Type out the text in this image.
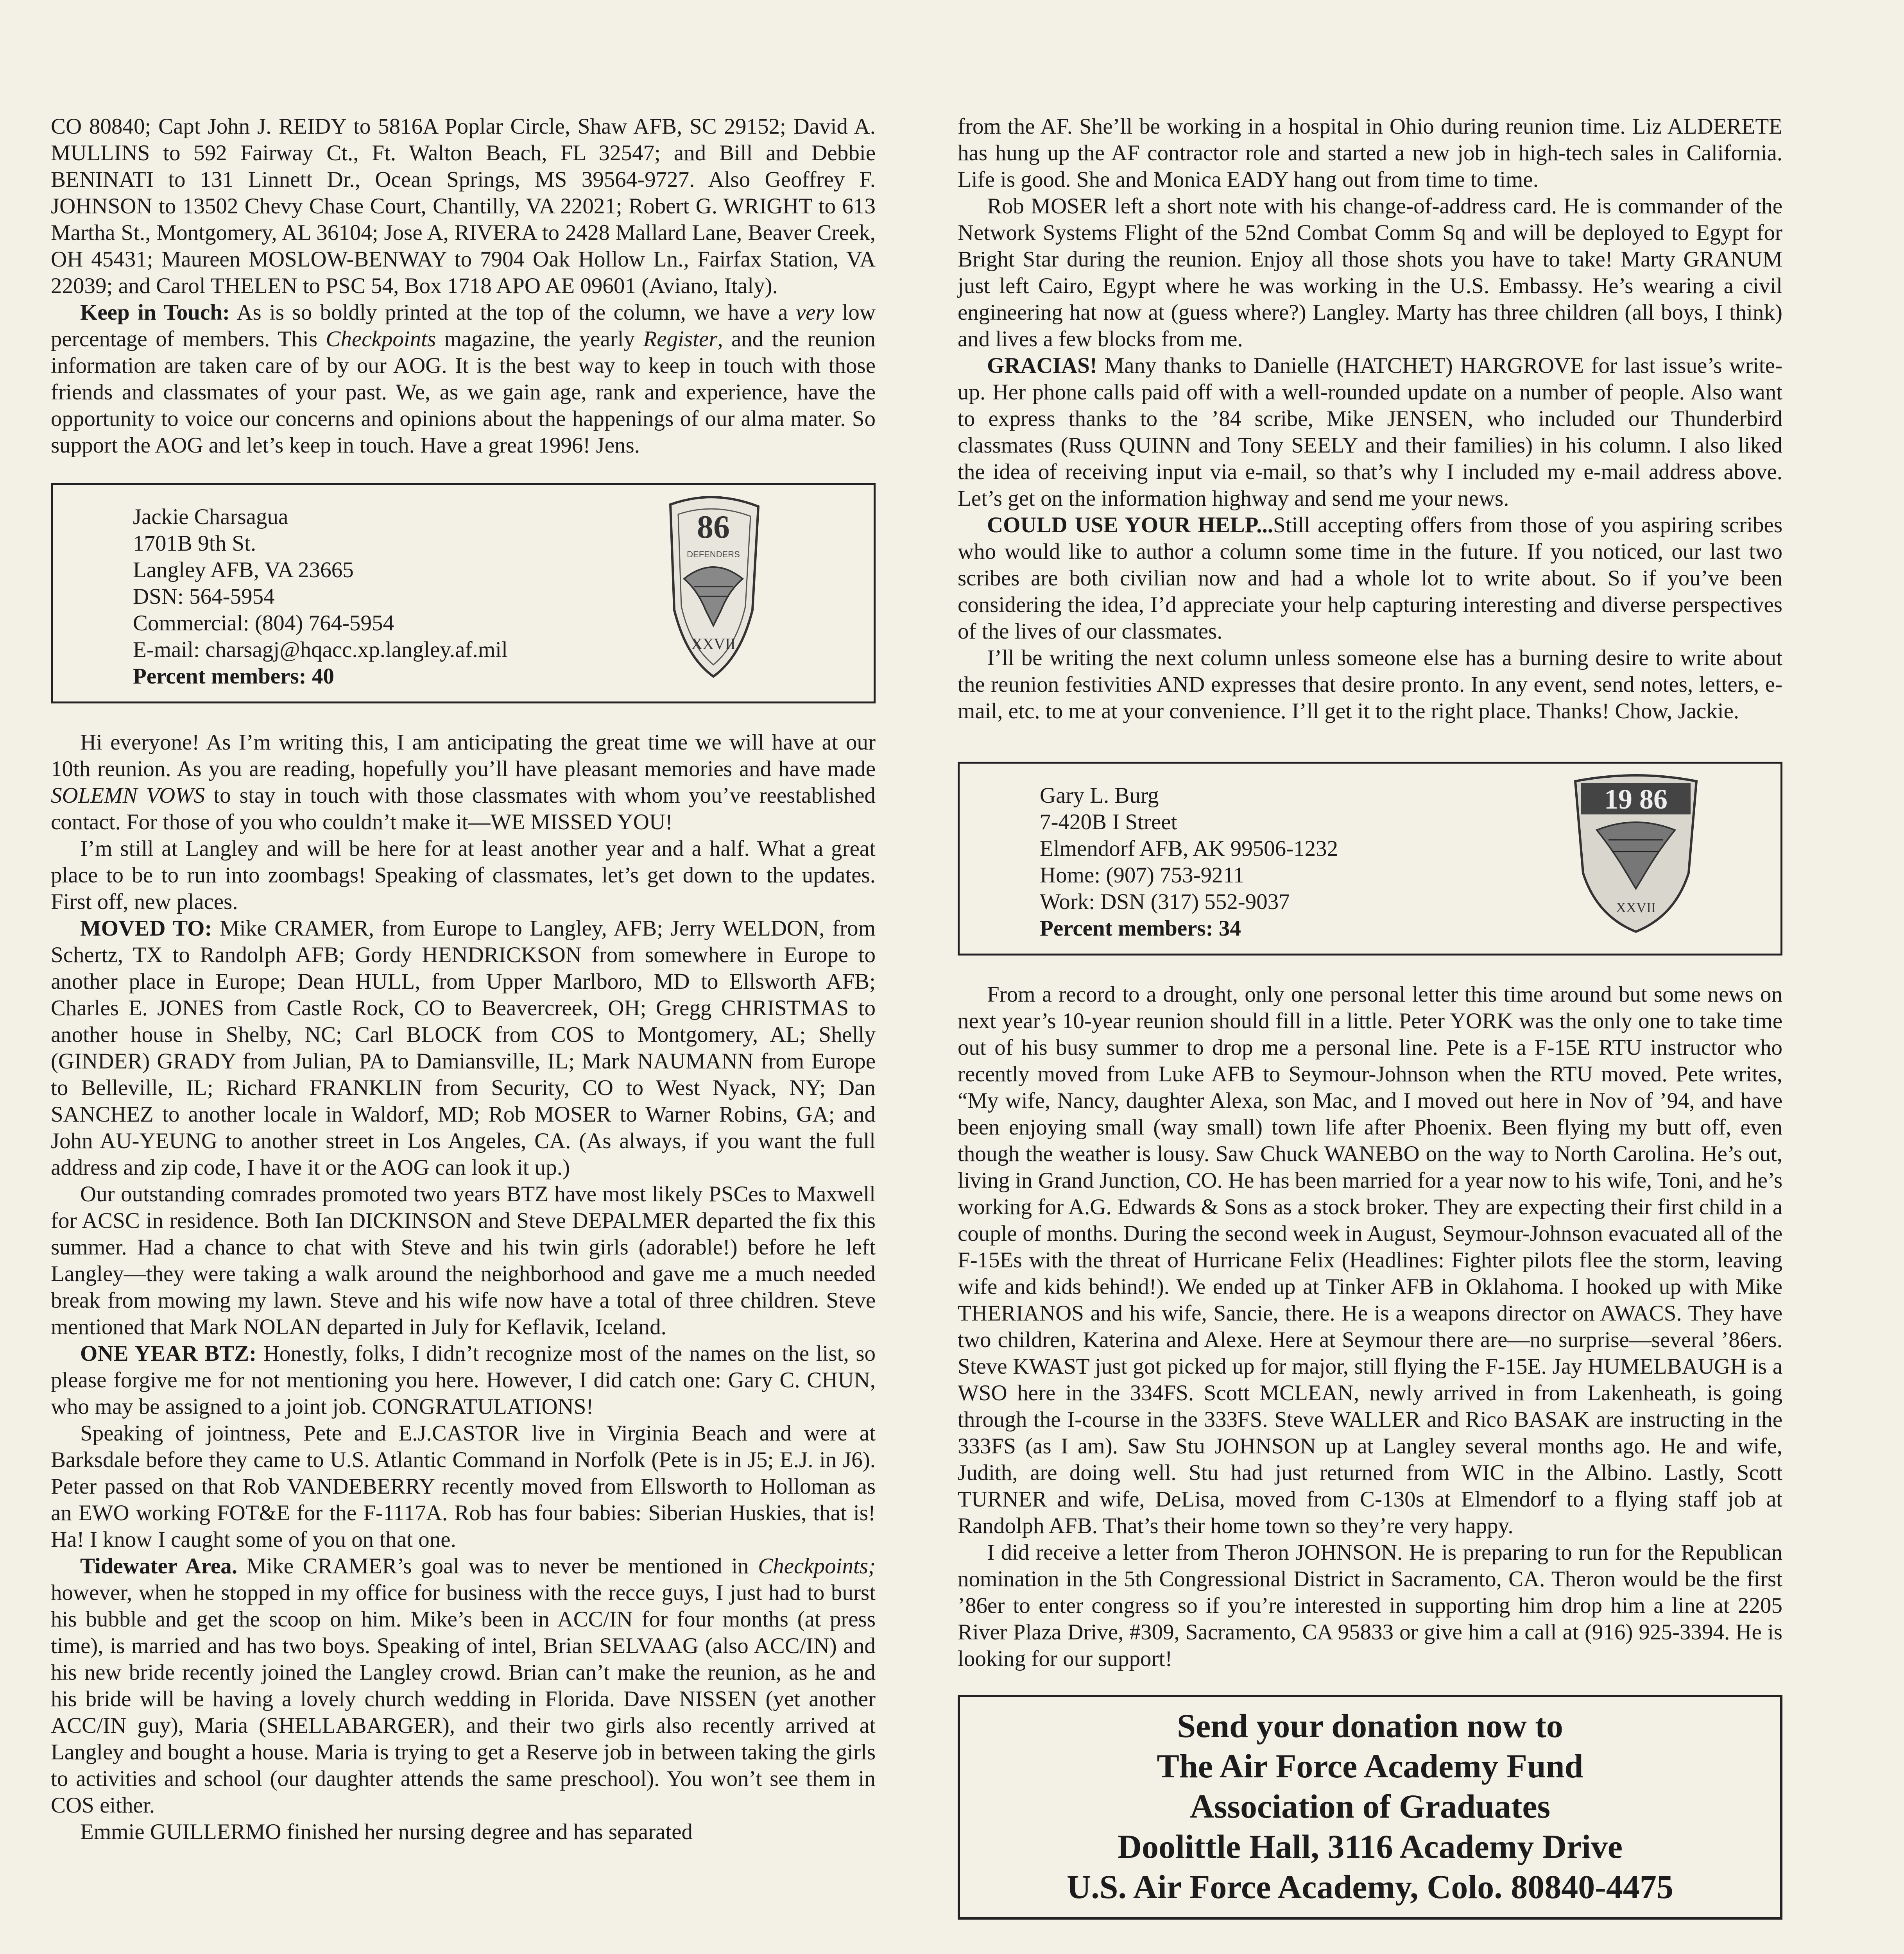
CO 80840; Capt John J. REIDY to 5816A Poplar Circle, Shaw AFB, SC 29152; David A. MULLINS to 592 Fairway Ct., Ft. Walton Beach, FL 32547; and Bill and Debbie BENINATI to 131 Linnett Dr., Ocean Springs, MS 39564-9727. Also Geoffrey F. JOHNSON to 13502 Chevy Chase Court, Chantilly, VA 22021; Robert G. WRIGHT to 613 Martha St., Montgomery, AL 36104; Jose A, RIVERA to 2428 Mallard Lane, Beaver Creek, OH 45431; Maureen MOSLOW-BENWAY to 7904 Oak Hollow Ln., Fairfax Station, VA 22039; and Carol THELEN to PSC 54, Box 1718 APO AE 09601 (Aviano, Italy).

Keep in Touch: As is so boldly printed at the top of the column, we have a very low percentage of members. This Checkpoints magazine, the yearly Register, and the reunion information are taken care of by our AOG. It is the best way to keep in touch with those friends and classmates of your past. We, as we gain age, rank and experience, have the opportunity to voice our concerns and opinions about the happenings of our alma mater. So support the AOG and let’s keep in touch. Have a great 1996! Jens.

Jackie Charsagua
1701B 9th St.
Langley AFB, VA 23665
DSN: 564-5954
Commercial: (804) 764-5954
E-mail: charsagj@hqacc.xp.langley.af.mil
Percent members: 40
86
DEFENDERS
XXVII

Hi everyone! As I’m writing this, I am anticipating the great time we will have at our 10th reunion. As you are reading, hopefully you’ll have pleasant memories and have made SOLEMN VOWS to stay in touch with those classmates with whom you’ve reestablished contact. For those of you who couldn’t make it—WE MISSED YOU!

I’m still at Langley and will be here for at least another year and a half. What a great place to be to run into zoombags! Speaking of classmates, let’s get down to the updates. First off, new places.

MOVED TO: Mike CRAMER, from Europe to Langley, AFB; Jerry WELDON, from Schertz, TX to Randolph AFB; Gordy HENDRICKSON from somewhere in Europe to another place in Europe; Dean HULL, from Upper Marlboro, MD to Ellsworth AFB; Charles E. JONES from Castle Rock, CO to Beavercreek, OH; Gregg CHRISTMAS to another house in Shelby, NC; Carl BLOCK from COS to Montgomery, AL; Shelly (GINDER) GRADY from Julian, PA to Damiansville, IL; Mark NAUMANN from Europe to Belleville, IL; Richard FRANKLIN from Security, CO to West Nyack, NY; Dan SANCHEZ to another locale in Waldorf, MD; Rob MOSER to Warner Robins, GA; and John AU-YEUNG to another street in Los Angeles, CA. (As always, if you want the full address and zip code, I have it or the AOG can look it up.)

Our outstanding comrades promoted two years BTZ have most likely PSCes to Maxwell for ACSC in residence. Both Ian DICKINSON and Steve DEPALMER departed the fix this summer. Had a chance to chat with Steve and his twin girls (adorable!) before he left Langley—they were taking a walk around the neighborhood and gave me a much needed break from mowing my lawn. Steve and his wife now have a total of three children. Steve mentioned that Mark NOLAN departed in July for Keflavik, Iceland.

ONE YEAR BTZ: Honestly, folks, I didn’t recognize most of the names on the list, so please forgive me for not mentioning you here. However, I did catch one: Gary C. CHUN, who may be assigned to a joint job. CONGRATULATIONS!

Speaking of jointness, Pete and E.J.CASTOR live in Virginia Beach and were at Barksdale before they came to U.S. Atlantic Command in Norfolk (Pete is in J5; E.J. in J6). Peter passed on that Rob VANDEBERRY recently moved from Ellsworth to Holloman as an EWO working FOT&E for the F-1117A. Rob has four babies: Siberian Huskies, that is! Ha! I know I caught some of you on that one.

Tidewater Area. Mike CRAMER’s goal was to never be mentioned in Checkpoints; however, when he stopped in my office for business with the recce guys, I just had to burst his bubble and get the scoop on him. Mike’s been in ACC/IN for four months (at press time), is married and has two boys. Speaking of intel, Brian SELVAAG (also ACC/IN) and his new bride recently joined the Langley crowd. Brian can’t make the reunion, as he and his bride will be having a lovely church wedding in Florida. Dave NISSEN (yet another ACC/IN guy), Maria (SHELLABARGER), and their two girls also recently arrived at Langley and bought a house. Maria is trying to get a Reserve job in between taking the girls to activities and school (our daughter attends the same preschool). You won’t see them in COS either.

Emmie GUILLERMO finished her nursing degree and has separated

from the AF. She’ll be working in a hospital in Ohio during reunion time. Liz ALDERETE has hung up the AF contractor role and started a new job in high-tech sales in California. Life is good. She and Monica EADY hang out from time to time.

Rob MOSER left a short note with his change-of-address card. He is commander of the Network Systems Flight of the 52nd Combat Comm Sq and will be deployed to Egypt for Bright Star during the reunion. Enjoy all those shots you have to take! Marty GRANUM just left Cairo, Egypt where he was working in the U.S. Embassy. He’s wearing a civil engineering hat now at (guess where?) Langley. Marty has three children (all boys, I think) and lives a few blocks from me.

GRACIAS! Many thanks to Danielle (HATCHET) HARGROVE for last issue’s write-up. Her phone calls paid off with a well-rounded update on a number of people. Also want to express thanks to the ’84 scribe, Mike JENSEN, who included our Thunderbird classmates (Russ QUINN and Tony SEELY and their families) in his column. I also liked the idea of receiving input via e-mail, so that’s why I included my e-mail address above. Let’s get on the information highway and send me your news.

COULD USE YOUR HELP...Still accepting offers from those of you aspiring scribes who would like to author a column some time in the future. If you noticed, our last two scribes are both civilian now and had a whole lot to write about. So if you’ve been considering the idea, I’d appreciate your help capturing interesting and diverse perspectives of the lives of our classmates.

I’ll be writing the next column unless someone else has a burning desire to write about the reunion festivities AND expresses that desire pronto. In any event, send notes, letters, e-mail, etc. to me at your convenience. I’ll get it to the right place. Thanks! Chow, Jackie.

Gary L. Burg
7-420B I Street
Elmendorf AFB, AK 99506-1232
Home: (907) 753-9211
Work: DSN (317) 552-9037
Percent members: 34
19 86
XXVII

From a record to a drought, only one personal letter this time around but some news on next year’s 10-year reunion should fill in a little. Peter YORK was the only one to take time out of his busy summer to drop me a personal line. Pete is a F-15E RTU instructor who recently moved from Luke AFB to Seymour-Johnson when the RTU moved. Pete writes, “My wife, Nancy, daughter Alexa, son Mac, and I moved out here in Nov of ’94, and have been enjoying small (way small) town life after Phoenix. Been flying my butt off, even though the weather is lousy. Saw Chuck WANEBO on the way to North Carolina. He’s out, living in Grand Junction, CO. He has been married for a year now to his wife, Toni, and he’s working for A.G. Edwards & Sons as a stock broker. They are expecting their first child in a couple of months. During the second week in August, Seymour-Johnson evacuated all of the F-15Es with the threat of Hurricane Felix (Headlines: Fighter pilots flee the storm, leaving wife and kids behind!). We ended up at Tinker AFB in Oklahoma. I hooked up with Mike THERIANOS and his wife, Sancie, there. He is a weapons director on AWACS. They have two children, Katerina and Alexe. Here at Seymour there are—no surprise—several ’86ers. Steve KWAST just got picked up for major, still flying the F-15E. Jay HUMELBAUGH is a WSO here in the 334FS. Scott MCLEAN, newly arrived in from Lakenheath, is going through the I-course in the 333FS. Steve WALLER and Rico BASAK are instructing in the 333FS (as I am). Saw Stu JOHNSON up at Langley several months ago. He and wife, Judith, are doing well. Stu had just returned from WIC in the Albino. Lastly, Scott TURNER and wife, DeLisa, moved from C-130s at Elmendorf to a flying staff job at Randolph AFB. That’s their home town so they’re very happy.

I did receive a letter from Theron JOHNSON. He is preparing to run for the Republican nomination in the 5th Congressional District in Sacramento, CA. Theron would be the first ’86er to enter congress so if you’re interested in supporting him drop him a line at 2205 River Plaza Drive, #309, Sacramento, CA 95833 or give him a call at (916) 925-3394. He is looking for our support!

Send your donation now to
The Air Force Academy Fund
Association of Graduates
Doolittle Hall, 3116 Academy Drive
U.S. Air Force Academy, Colo. 80840-4475
